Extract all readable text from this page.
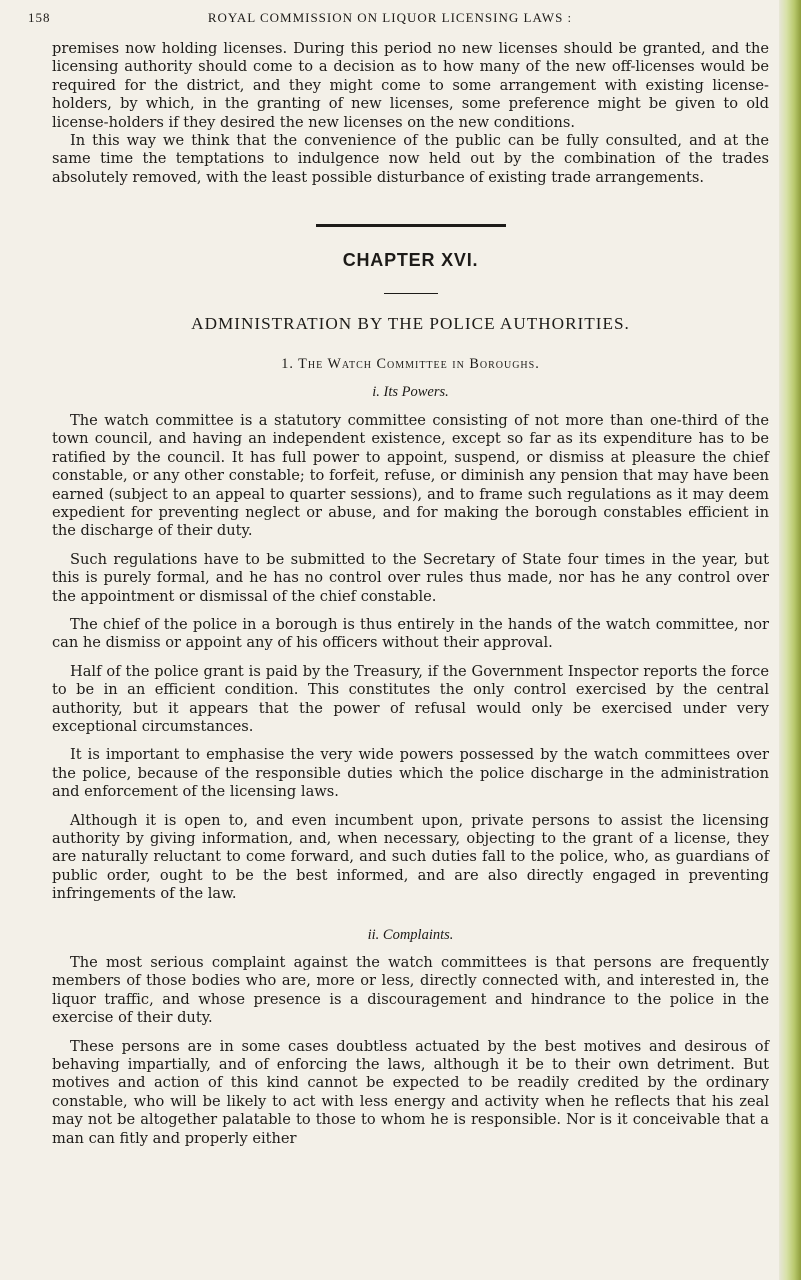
158	ROYAL COMMISSION ON LIQUOR LICENSING LAWS :

premises now holding licenses. During this period no new licenses should be granted, and the licensing authority should come to a decision as to how many of the new off-licenses would be required for the district, and they might come to some arrangement with existing license-holders, by which, in the granting of new licenses, some preference might be given to old license-holders if they desired the new licenses on the new conditions.

In this way we think that the convenience of the public can be fully consulted, and at the same time the temptations to indulgence now held out by the combination of the trades absolutely removed, with the least possible disturbance of existing trade arrangements.

CHAPTER XVI.
ADMINISTRATION BY THE POLICE AUTHORITIES.
1. The Watch Committee in Boroughs.
i. Its Powers.

The watch committee is a statutory committee consisting of not more than one-third of the town council, and having an independent existence, except so far as its expenditure has to be ratified by the council. It has full power to appoint, suspend, or dismiss at pleasure the chief constable, or any other constable; to forfeit, refuse, or diminish any pension that may have been earned (subject to an appeal to quarter sessions), and to frame such regulations as it may deem expedient for preventing neglect or abuse, and for making the borough constables efficient in the discharge of their duty.

Such regulations have to be submitted to the Secretary of State four times in the year, but this is purely formal, and he has no control over rules thus made, nor has he any control over the appointment or dismissal of the chief constable.

The chief of the police in a borough is thus entirely in the hands of the watch committee, nor can he dismiss or appoint any of his officers without their approval.

Half of the police grant is paid by the Treasury, if the Government Inspector reports the force to be in an efficient condition. This constitutes the only control exercised by the central authority, but it appears that the power of refusal would only be exercised under very exceptional circumstances.

It is important to emphasise the very wide powers possessed by the watch committees over the police, because of the responsible duties which the police discharge in the administration and enforcement of the licensing laws.

Although it is open to, and even incumbent upon, private persons to assist the licensing authority by giving information, and, when necessary, objecting to the grant of a license, they are naturally reluctant to come forward, and such duties fall to the police, who, as guardians of public order, ought to be the best informed, and are also directly engaged in preventing infringements of the law.

ii. Complaints.

The most serious complaint against the watch committees is that persons are frequently members of those bodies who are, more or less, directly connected with, and interested in, the liquor traffic, and whose presence is a discouragement and hindrance to the police in the exercise of their duty.

These persons are in some cases doubtless actuated by the best motives and desirous of behaving impartially, and of enforcing the laws, although it be to their own detriment. But motives and action of this kind cannot be expected to be readily credited by the ordinary constable, who will be likely to act with less energy and activity when he reflects that his zeal may not be altogether palatable to those to whom he is responsible. Nor is it conceivable that a man can fitly and properly either
